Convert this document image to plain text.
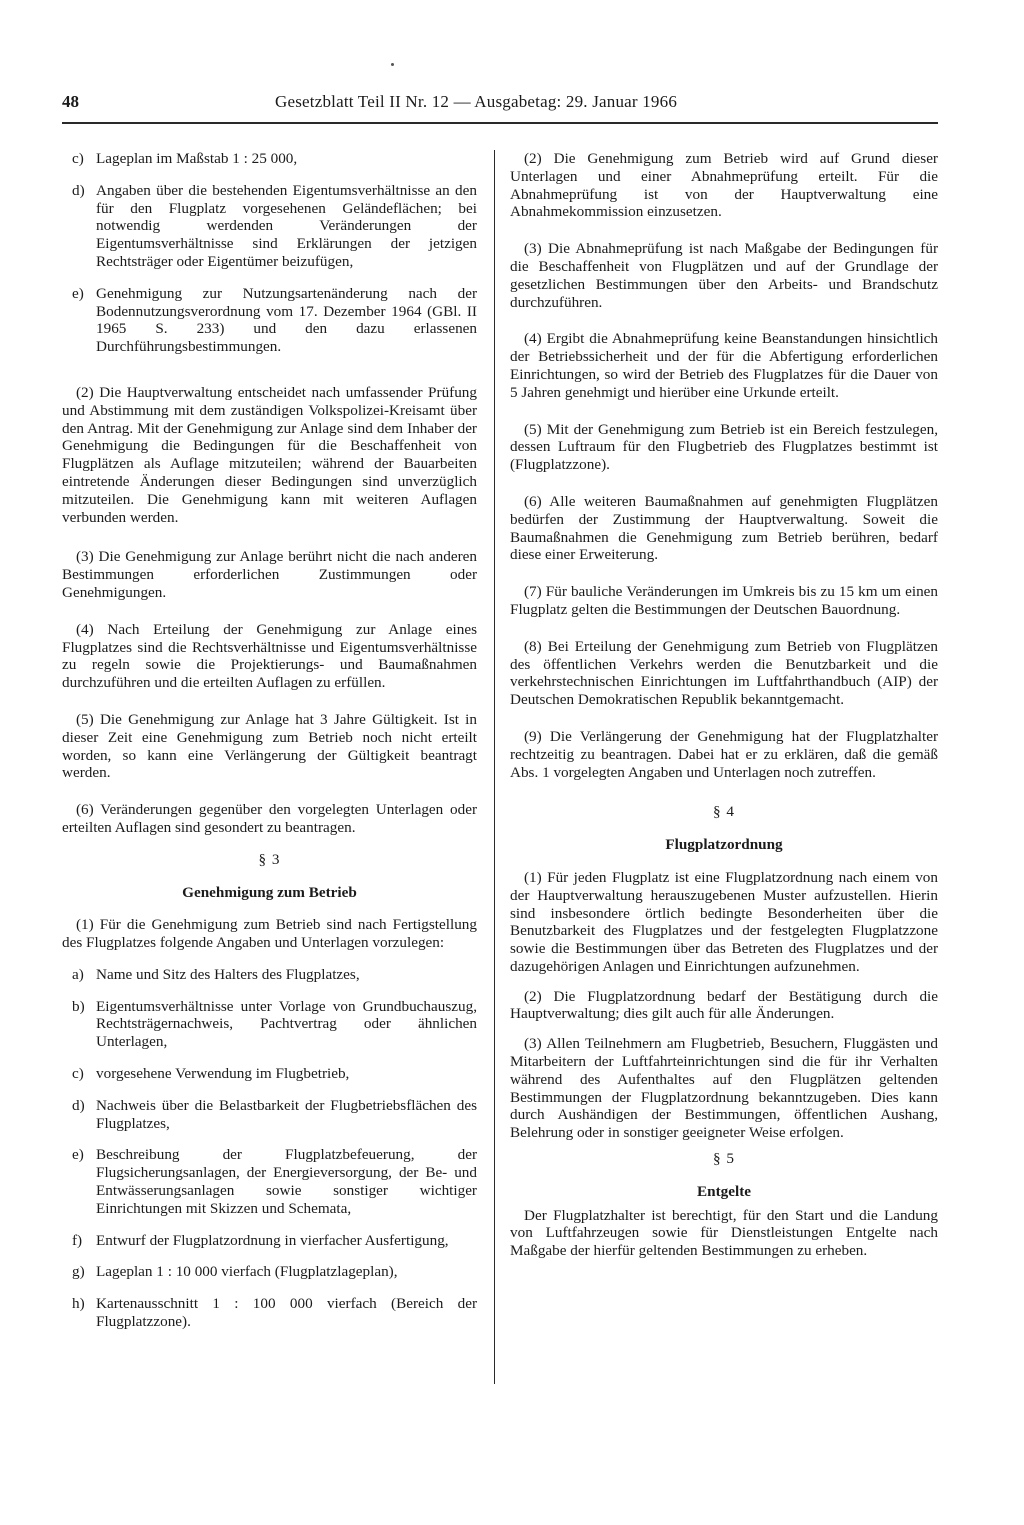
48	Gesetzblatt Teil II Nr. 12 — Ausgabetag: 29. Januar 1966
c) Lageplan im Maßstab 1 : 25 000,
d) Angaben über die bestehenden Eigentumsverhältnisse an den für den Flugplatz vorgesehenen Geländeflächen; bei notwendig werdenden Veränderungen der Eigentumsverhältnisse sind Erklärungen der jetzigen Rechtsträger oder Eigentümer beizufügen,
e) Genehmigung zur Nutzungsartenänderung nach der Bodennutzungsverordnung vom 17. Dezember 1964 (GBl. II 1965 S. 233) und den dazu erlassenen Durchführungsbestimmungen.

(2) Die Hauptverwaltung entscheidet nach umfassender Prüfung und Abstimmung mit dem zuständigen Volkspolizei-Kreisamt über den Antrag. Mit der Genehmigung zur Anlage sind dem Inhaber der Genehmigung die Bedingungen für die Beschaffenheit von Flugplätzen als Auflage mitzuteilen; während der Bauarbeiten eintretende Änderungen dieser Bedingungen sind unverzüglich mitzuteilen. Die Genehmigung kann mit weiteren Auflagen verbunden werden.

(3) Die Genehmigung zur Anlage berührt nicht die nach anderen Bestimmungen erforderlichen Zustimmungen oder Genehmigungen.

(4) Nach Erteilung der Genehmigung zur Anlage eines Flugplatzes sind die Rechtsverhältnisse und Eigentumsverhältnisse zu regeln sowie die Projektierungs- und Baumaßnahmen durchzuführen und die erteilten Auflagen zu erfüllen.

(5) Die Genehmigung zur Anlage hat 3 Jahre Gültigkeit. Ist in dieser Zeit eine Genehmigung zum Betrieb noch nicht erteilt worden, so kann eine Verlängerung der Gültigkeit beantragt werden.

(6) Veränderungen gegenüber den vorgelegten Unterlagen oder erteilten Auflagen sind gesondert zu beantragen.

§ 3

Genehmigung zum Betrieb

(1) Für die Genehmigung zum Betrieb sind nach Fertigstellung des Flugplatzes folgende Angaben und Unterlagen vorzulegen:

a) Name und Sitz des Halters des Flugplatzes,
b) Eigentumsverhältnisse unter Vorlage von Grundbuchauszug, Rechtsträgernachweis, Pachtvertrag oder ähnlichen Unterlagen,
c) vorgesehene Verwendung im Flugbetrieb,
d) Nachweis über die Belastbarkeit der Flugbetriebsflächen des Flugplatzes,
e) Beschreibung der Flugplatzbefeuerung, der Flugsicherungsanlagen, der Energieversorgung, der Be- und Entwässerungsanlagen sowie sonstiger wichtiger Einrichtungen mit Skizzen und Schemata,
f) Entwurf der Flugplatzordnung in vierfacher Ausfertigung,
g) Lageplan 1 : 10 000 vierfach (Flugplatzlageplan),
h) Kartenausschnitt 1 : 100 000 vierfach (Bereich der Flugplatzzone).

(2) Die Genehmigung zum Betrieb wird auf Grund dieser Unterlagen und einer Abnahmeprüfung erteilt. Für die Abnahmeprüfung ist von der Hauptverwaltung eine Abnahmekommission einzusetzen.

(3) Die Abnahmeprüfung ist nach Maßgabe der Bedingungen für die Beschaffenheit von Flugplätzen und auf der Grundlage der gesetzlichen Bestimmungen über den Arbeits- und Brandschutz durchzuführen.

(4) Ergibt die Abnahmeprüfung keine Beanstandungen hinsichtlich der Betriebssicherheit und der für die Abfertigung erforderlichen Einrichtungen, so wird der Betrieb des Flugplatzes für die Dauer von 5 Jahren genehmigt und hierüber eine Urkunde erteilt.

(5) Mit der Genehmigung zum Betrieb ist ein Bereich festzulegen, dessen Luftraum für den Flugbetrieb des Flugplatzes bestimmt ist (Flugplatzzone).

(6) Alle weiteren Baumaßnahmen auf genehmigten Flugplätzen bedürfen der Zustimmung der Hauptverwaltung. Soweit die Baumaßnahmen die Genehmigung zum Betrieb berühren, bedarf diese einer Erweiterung.

(7) Für bauliche Veränderungen im Umkreis bis zu 15 km um einen Flugplatz gelten die Bestimmungen der Deutschen Bauordnung.

(8) Bei Erteilung der Genehmigung zum Betrieb von Flugplätzen des öffentlichen Verkehrs werden die Benutzbarkeit und die verkehrstechnischen Einrichtungen im Luftfahrthandbuch (AIP) der Deutschen Demokratischen Republik bekanntgemacht.

(9) Die Verlängerung der Genehmigung hat der Flugplatzhalter rechtzeitig zu beantragen. Dabei hat er zu erklären, daß die gemäß Abs. 1 vorgelegten Angaben und Unterlagen noch zutreffen.

§ 4

Flugplatzordnung

(1) Für jeden Flugplatz ist eine Flugplatzordnung nach einem von der Hauptverwaltung herauszugebenen Muster aufzustellen. Hierin sind insbesondere örtlich bedingte Besonderheiten über die Benutzbarkeit des Flugplatzes und der festgelegten Flugplatzzone sowie die Bestimmungen über das Betreten des Flugplatzes und der dazugehörigen Anlagen und Einrichtungen aufzunehmen.

(2) Die Flugplatzordnung bedarf der Bestätigung durch die Hauptverwaltung; dies gilt auch für alle Änderungen.

(3) Allen Teilnehmern am Flugbetrieb, Besuchern, Fluggästen und Mitarbeitern der Luftfahrteinrichtungen sind die für ihr Verhalten während des Aufenthaltes auf den Flugplätzen geltenden Bestimmungen der Flugplatzordnung bekanntzugeben. Dies kann durch Aushändigen der Bestimmungen, öffentlichen Aushang, Belehrung oder in sonstiger geeigneter Weise erfolgen.

§ 5

Entgelte

Der Flugplatzhalter ist berechtigt, für den Start und die Landung von Luftfahrzeugen sowie für Dienstleistungen Entgelte nach Maßgabe der hierfür geltenden Bestimmungen zu erheben.
